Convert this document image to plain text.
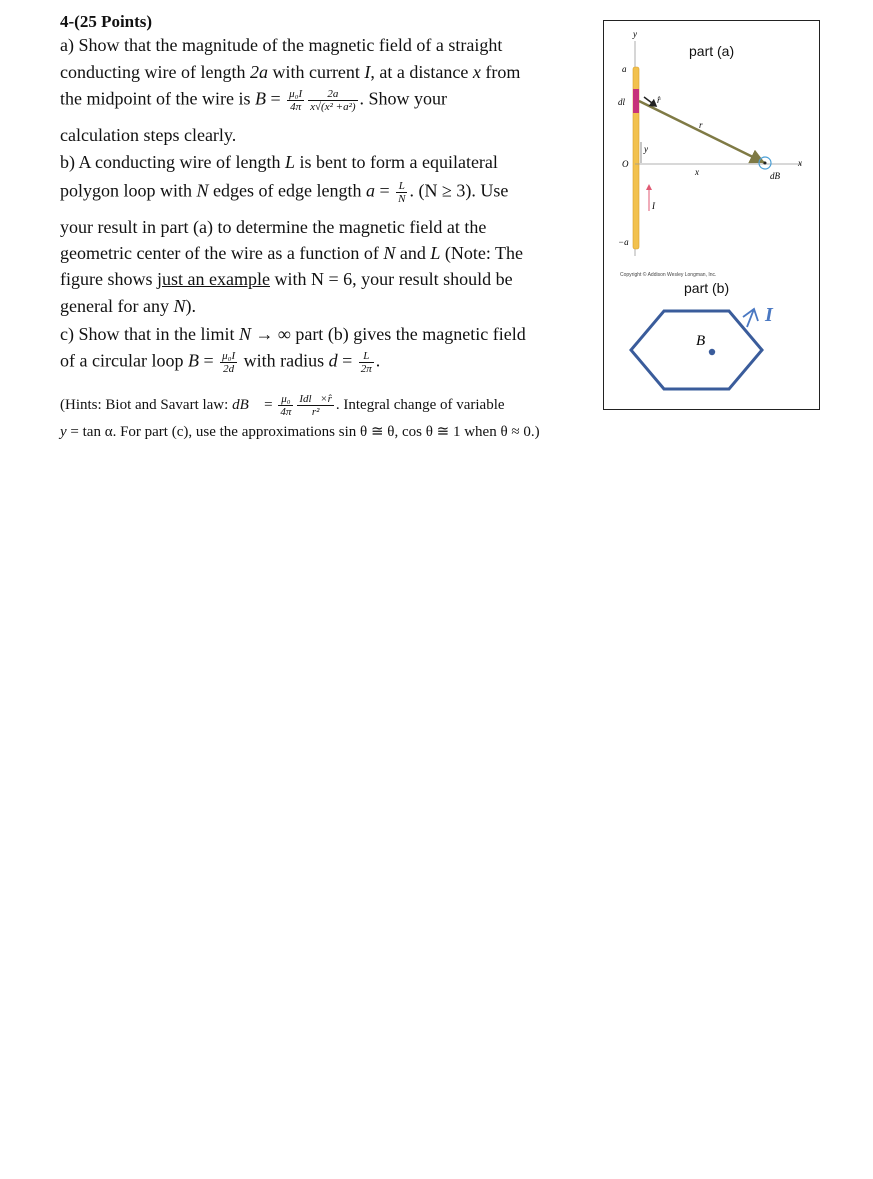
4-(25 Points)
a) Show that the magnitude of the magnetic field of a straight
conducting wire of length 2a with current I, at a distance x from
the midpoint of the wire is $B = \frac{\text{μ₀I}}{4\pi} \frac{2a}{\text{x√(x² +a²)}}$ . Show your
calculation steps clearly.
b) A conducting wire of length L is bent to form a equilateral
polygon loop with N edges of edge length $a = \frac{L}{N}$ . (N ≥ 3). Use
your result in part (a) to determine the magnetic field at the
geometric center of the wire as a function of N and L (Note: The
figure shows just an example with N = 6, your result should be
general for any N).
c) Show that in the limit N → ∞ part (b) gives the magnetic field
of a circular loop $B = \frac{\text{μ₀I}}{2d}$ with radius $d = \frac{L}{2\pi}$ .
(Hints: Biot and Savart law: dB⃗ = $\frac{\text{μ₀}}{4\pi} \frac{\text{Idl⃗×r̂}}{\text{r²}}$ . Integral change of variable
y = tan α. For part (c), use the approximations sin θ ≅ θ, cos θ ≅ 1 when θ ≈ 0.)
y
a
dl⃗	r̂
r
y
O
x
x
dB⃗
I
−a
B
I
part (a)
Copyright © Addison Wesley Longman, Inc.
part (b)
